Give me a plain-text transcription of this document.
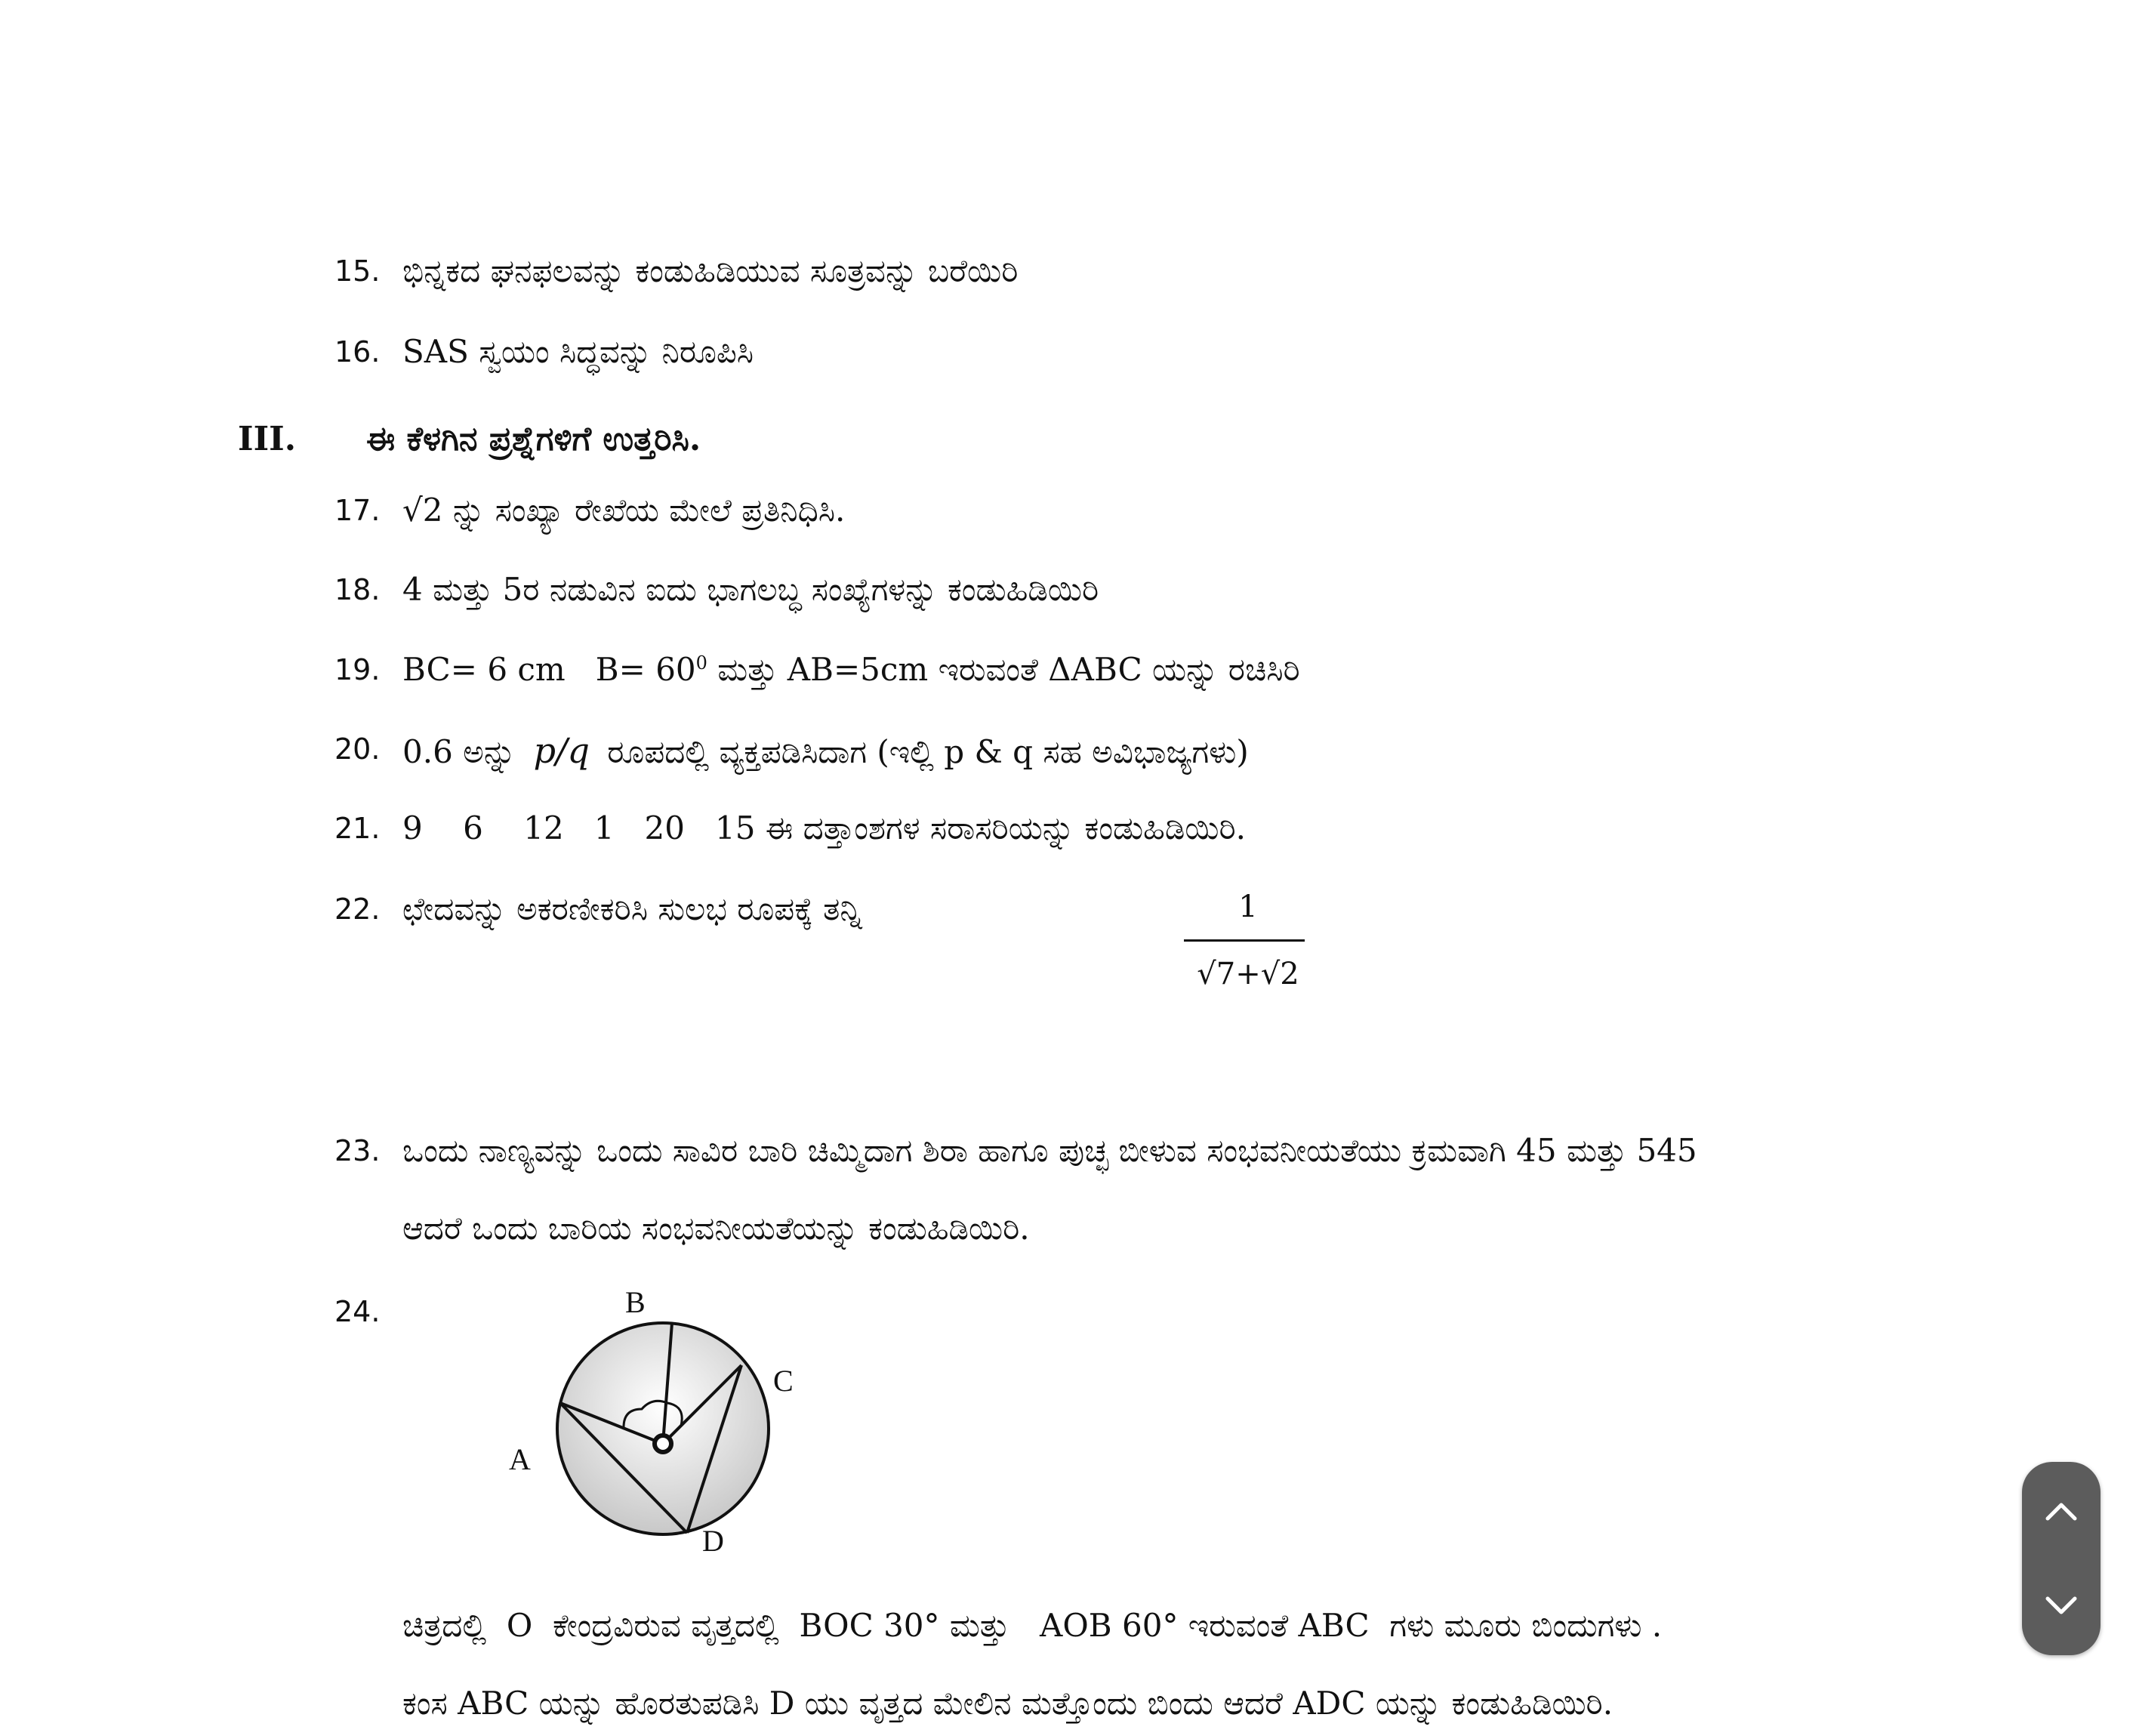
15. ಭಿನ್ನಕದ ಘನಫಲವನ್ನು ಕಂಡುಹಿಡಿಯುವ ಸೂತ್ರವನ್ನು ಬರೆಯಿರಿ
16. SAS ಸ್ವಯಂ ಸಿದ್ಧವನ್ನು ನಿರೂಪಿಸಿ
III. ಈ ಕೆಳಗಿನ ಪ್ರಶ್ನೆಗಳಿಗೆ ಉತ್ತರಿಸಿ.
17. √2 ನ್ನು ಸಂಖ್ಯಾ ರೇಖೆಯ ಮೇಲೆ ಪ್ರತಿನಿಧಿಸಿ.
18. 4 ಮತ್ತು 5ರ ನಡುವಿನ ಐದು ಭಾಗಲಬ್ಧ ಸಂಖ್ಯೆಗಳನ್ನು ಕಂಡುಹಿಡಿಯಿರಿ
19. BC= 6 cm   $B= 60^0$ ಮತ್ತು AB=5cm ಇರುವಂತೆ ΔABC ಯನ್ನು ರಚಿಸಿರಿ
20. 0.6 ಅನ್ನು p/q ರೂಪದಲ್ಲಿ ವ್ಯಕ್ತಪಡಿಸಿದಾಗ (ಇಲ್ಲಿ p & q ಸಹ ಅವಿಭಾಜ್ಯಗಳು)
21. 9    6    12   1   20   15 ಈ ದತ್ತಾಂಶಗಳ ಸರಾಸರಿಯನ್ನು ಕಂಡುಹಿಡಿಯಿರಿ.
22. ಛೇದವನ್ನು ಅಕರಣೀಕರಿಸಿ ಸುಲಭ ರೂಪಕ್ಕೆ ತನ್ನಿ	1
√7+√2
23. ಒಂದು ನಾಣ್ಯವನ್ನು ಒಂದು ಸಾವಿರ ಬಾರಿ ಚಿಮ್ಮಿದಾಗ ಶಿರಾ ಹಾಗೂ ಪುಚ್ಛ ಬೀಳುವ ಸಂಭವನೀಯತೆಯು ಕ್ರಮವಾಗಿ 45 ಮತ್ತು 545
ಆದರೆ ಒಂದು ಬಾರಿಯ ಸಂಭವನೀಯತೆಯನ್ನು ಕಂಡುಹಿಡಿಯಿರಿ.
24.	B
C
A
D
ಚಿತ್ರದಲ್ಲಿ  O  ಕೇಂದ್ರವಿರುವ ವೃತ್ತದಲ್ಲಿ  BOC 30° ಮತ್ತು   AOB 60° ಇರುವಂತೆ ABC  ಗಳು ಮೂರು ಬಿಂದುಗಳು .
ಕಂಸ ABC ಯನ್ನು ಹೊರತುಪಡಿಸಿ D ಯು ವೃತ್ತದ ಮೇಲಿನ ಮತ್ತೊಂದು ಬಿಂದು ಆದರೆ ADC ಯನ್ನು ಕಂಡುಹಿಡಿಯಿರಿ.
